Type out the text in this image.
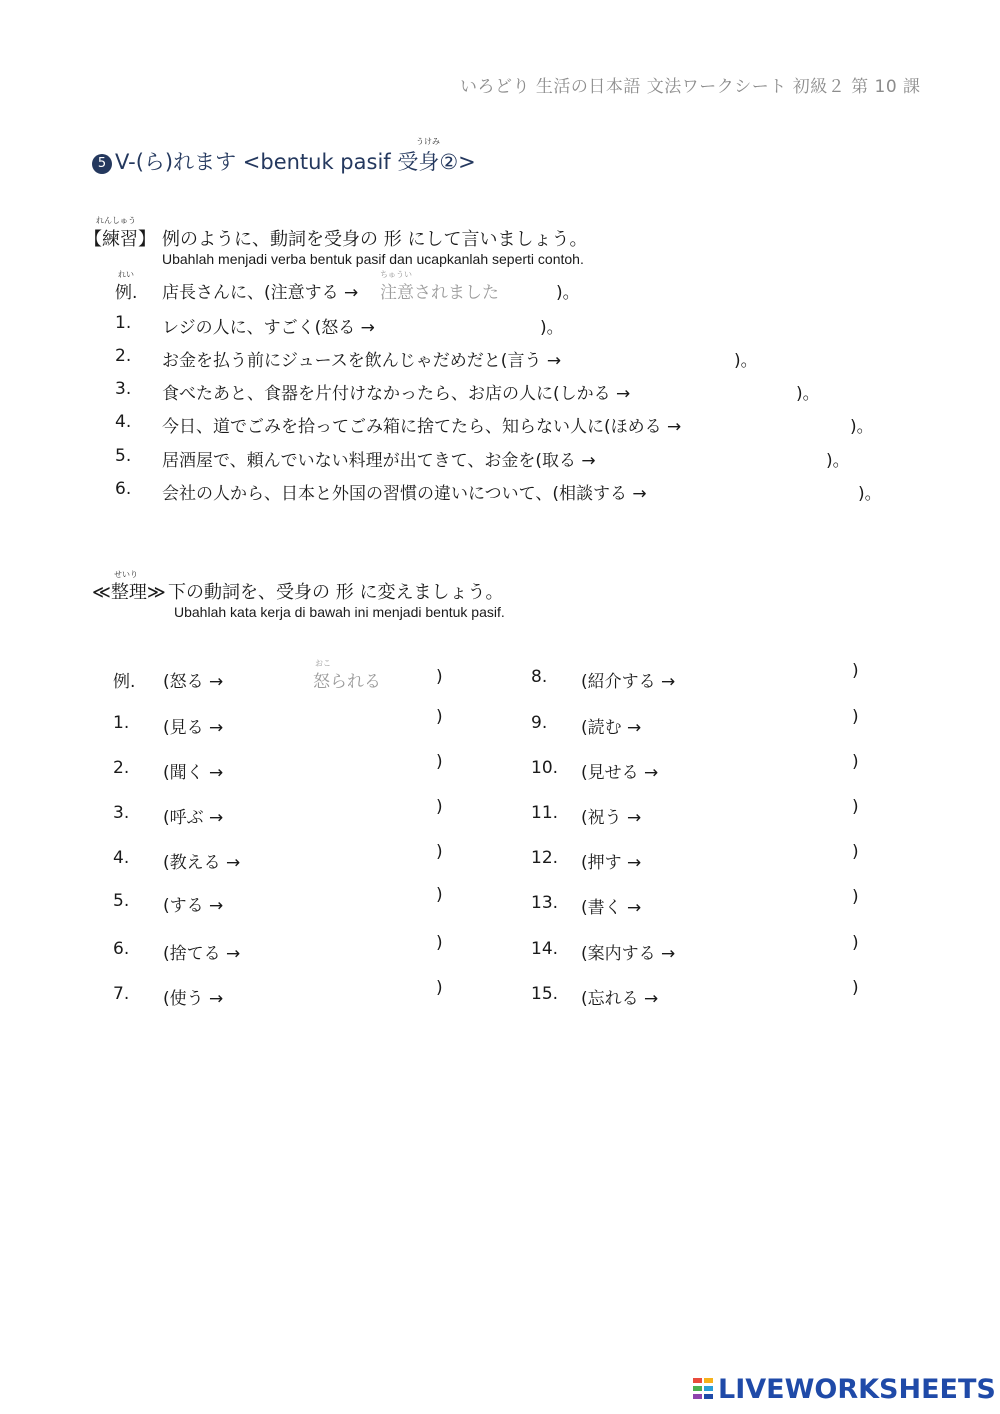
いろどり 生活の日本語 文法ワークシート 初級２ 第 10 課
5 V-(ら)れます <bentuk pasif 受身②>
うけみ
れんしゅう
【練習】 例のように、動詞を受身の 形 にして言いましょう。
Ubahlah menjadi verba bentuk pasif dan ucapkanlah seperti contoh.
れい
例.	店長さんに、(注意する →
ちゅうい
注意されました	)。
1.	レジの人に、すごく(怒る →	)。
2.	お金を払う前にジュースを飲んじゃだめだと(言う →	)。
3.	食べたあと、食器を片付けなかったら、お店の人に(しかる →	)。
4.	今日、道でごみを拾ってごみ箱に捨てたら、知らない人に(ほめる →	)。
5.	居酒屋で、頼んでいない料理が出てきて、お金を(取る →	)。
6.	会社の人から、日本と外国の習慣の違いについて、(相談する →	)。
せいり
≪整理≫ 下の動詞を、受身の 形 に変えましょう。
Ubahlah kata kerja di bawah ini menjadi bentuk pasif.
例. (怒る →
おこ
怒られる	)
1. (見る →
)
2. (聞く →
)
3. (呼ぶ →
)
4. (教える →
)
5. (する →
)
6. (捨てる →
)
7. (使う →
)
8. (紹介する →
)
9. (読む →
)
10. (見せる →
)
11. (祝う →
)
12. (押す →
)
13. (書く →
)
14. (案内する →
)
15. (忘れる →
)
LIVEWORKSHEETS
